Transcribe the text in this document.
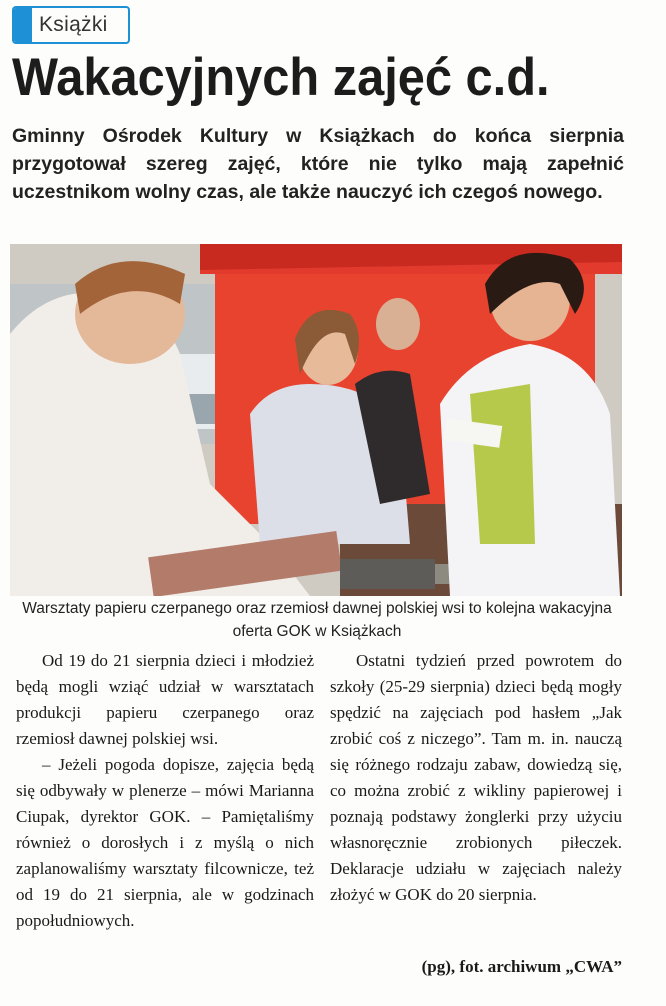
Książki
Wakacyjnych zajęć c.d.

Gminny Ośrodek Kultury w Książkach do końca sierpnia przygotował szereg zajęć, które nie tylko mają zapełnić uczestnikom wolny czas, ale także nauczyć ich czegoś nowego.

Warsztaty papieru czerpanego oraz rzemiosł dawnej polskiej wsi to kolejna wakacyjna oferta GOK w Książkach

Od 19 do 21 sierpnia dzieci i młodzież będą mogli wziąć udział w warsztatach produkcji papieru czerpanego oraz rzemiosł dawnej polskiej wsi.

– Jeżeli pogoda dopisze, zajęcia będą się odbywały w plenerze – mówi Marianna Ciupak, dyrektor GOK. – Pamiętaliśmy również o dorosłych i z myślą o nich zaplanowaliśmy warsztaty filcownicze, też od 19 do 21 sierpnia, ale w godzinach popołudniowych.

Ostatni tydzień przed powrotem do szkoły (25-29 sierpnia) dzieci będą mogły spędzić na zajęciach pod hasłem „Jak zrobić coś z niczego”. Tam m. in. nauczą się różnego rodzaju zabaw, dowiedzą się, co można zrobić z wikliny papierowej i poznają podstawy żonglerki przy użyciu własnoręcznie zrobionych piłeczek. Deklaracje udziału w zajęciach należy złożyć w GOK do 20 sierpnia.

(pg), fot. archiwum „CWA”
